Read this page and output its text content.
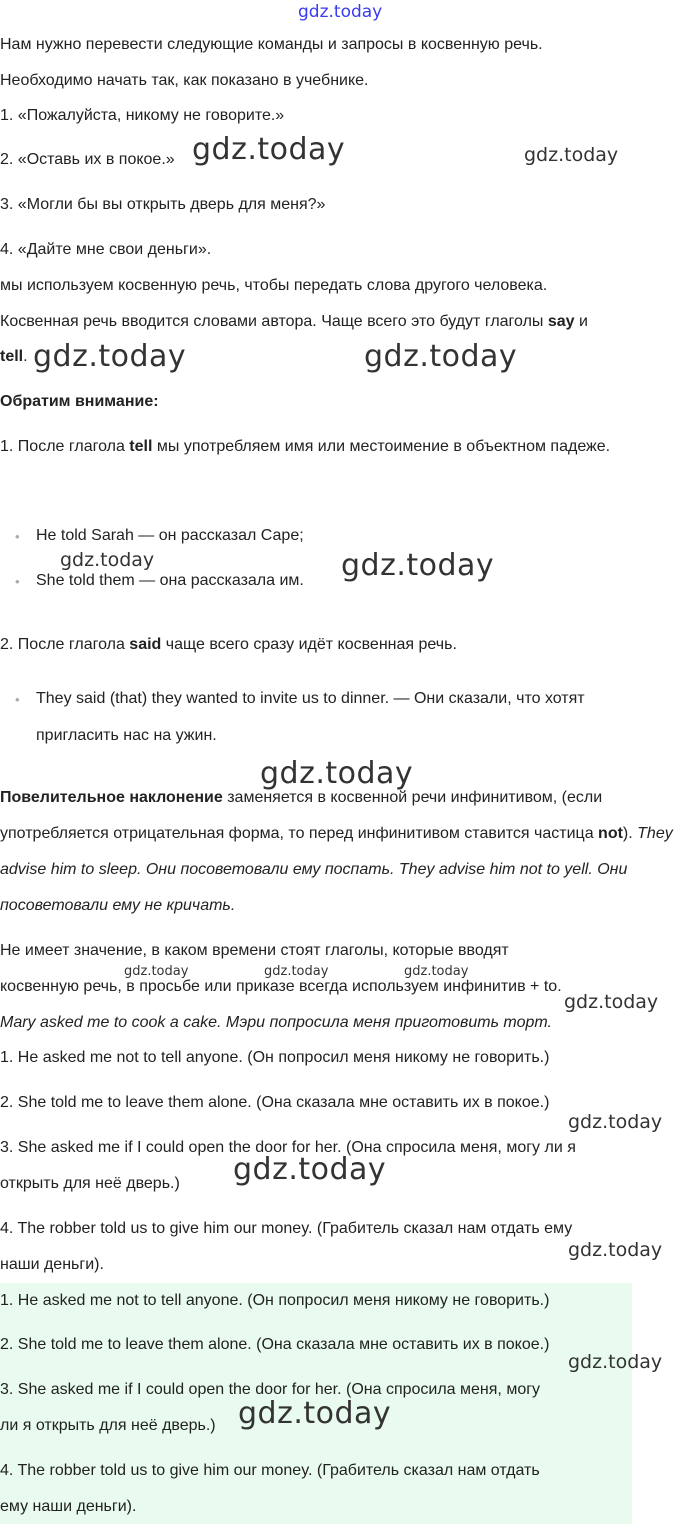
gdz.today

Нам нужно перевести следующие команды и запросы в косвенную речь.

Необходимо начать так, как показано в учебнике.

1. «Пожалуйста, никому не говорите.»

2. «Оставь их в покое.»

3. «Могли бы вы открыть дверь для меня?»

4. «Дайте мне свои деньги».

мы используем косвенную речь, чтобы передать слова другого человека.

Косвенная речь вводится словами автора. Чаще всего это будут глаголы say и

tell.

Обратим внимание:

1. После глагола tell мы употребляем имя или местоимение в объектном падеже.

• He told Sarah — он рассказал Саре;
• She told them — она рассказала им.

2. После глагола said чаще всего сразу идёт косвенная речь.

• They said (that) they wanted to invite us to dinner. — Они сказали, что хотят
пригласить нас на ужин.

Повелительное наклонение заменяется в косвенной речи инфинитивом, (если употребляется отрицательная форма, то перед инфинитивом ставится частица not). They advise him to sleep. Они посоветовали ему поспать. They advise him not to yell. Они посоветовали ему не кричать.

Не имеет значение, в каком времени стоят глаголы, которые вводят

косвенную речь, в просьбе или приказе всегда используем инфинитив + to.

Mary asked me to cook a cake. Мэри попросила меня приготовить торт.

1. He asked me not to tell anyone. (Он попросил меня никому не говорить.)

2. She told me to leave them alone. (Она сказала мне оставить их в покое.)

3. She asked me if I could open the door for her. (Она спросила меня, могу ли я

открыть для неё дверь.)

4. The robber told us to give him our money. (Грабитель сказал нам отдать ему

наши деньги).

1. He asked me not to tell anyone. (Он попросил меня никому не говорить.)

2. She told me to leave them alone. (Она сказала мне оставить их в покое.)

3. She asked me if I could open the door for her. (Она спросила меня, могу

ли я открыть для неё дверь.)

4. The robber told us to give him our money. (Грабитель сказал нам отдать

ему наши деньги).

gdz.today	gdz.today
gdz.today	gdz.today
gdz.today	gdz.today
gdz.today
gdz.today	gdz.today	gdz.today
gdz.today
gdz.today
gdz.today
gdz.today
gdz.today
gdz.today
